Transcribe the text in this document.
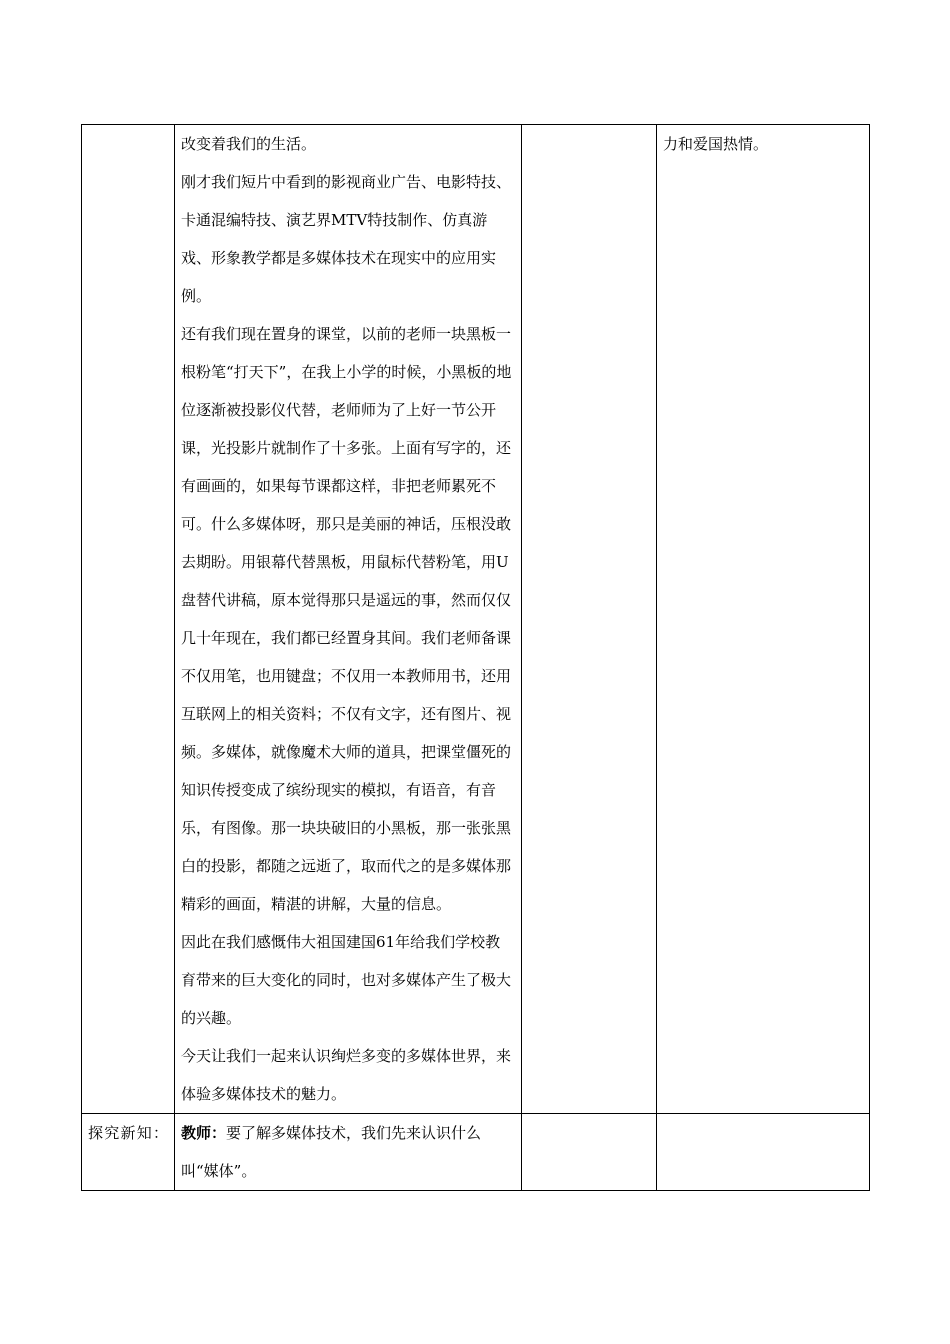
	改变着我们的生活。

刚才我们短片中看到的影视商业广告、电影特技、卡通混编特技、演艺界MTV特技制作、仿真游戏、形象教学都是多媒体技术在现实中的应用实例。

还有我们现在置身的课堂，以前的老师一块黑板一根粉笔“打天下”，在我上小学的时候，小黑板的地位逐渐被投影仪代替，老师师为了上好一节公开课，光投影片就制作了十多张。上面有写字的，还有画画的，如果每节课都这样，非把老师累死不可。什么多媒体呀，那只是美丽的神话，压根没敢去期盼。用银幕代替黑板，用鼠标代替粉笔，用U盘替代讲稿，原本觉得那只是遥远的事，然而仅仅几十年现在，我们都已经置身其间。我们老师备课不仅用笔，也用键盘；不仅用一本教师用书，还用互联网上的相关资料；不仅有文字，还有图片、视频。多媒体，就像魔术大师的道具，把课堂僵死的知识传授变成了缤纷现实的模拟，有语音，有音乐，有图像。那一块块破旧的小黑板，那一张张黑白的投影，都随之远逝了，取而代之的是多媒体那精彩的画面，精湛的讲解，大量的信息。

因此在我们感慨伟大祖国建国61年给我们学校教育带来的巨大变化的同时，也对多媒体产生了极大的兴趣。

今天让我们一起来认识绚烂多变的多媒体世界，来体验多媒体技术的魅力。		力和爱国热情。
探究新知：	教师：要了解多媒体技术，我们先来认识什么叫“媒体”。		
